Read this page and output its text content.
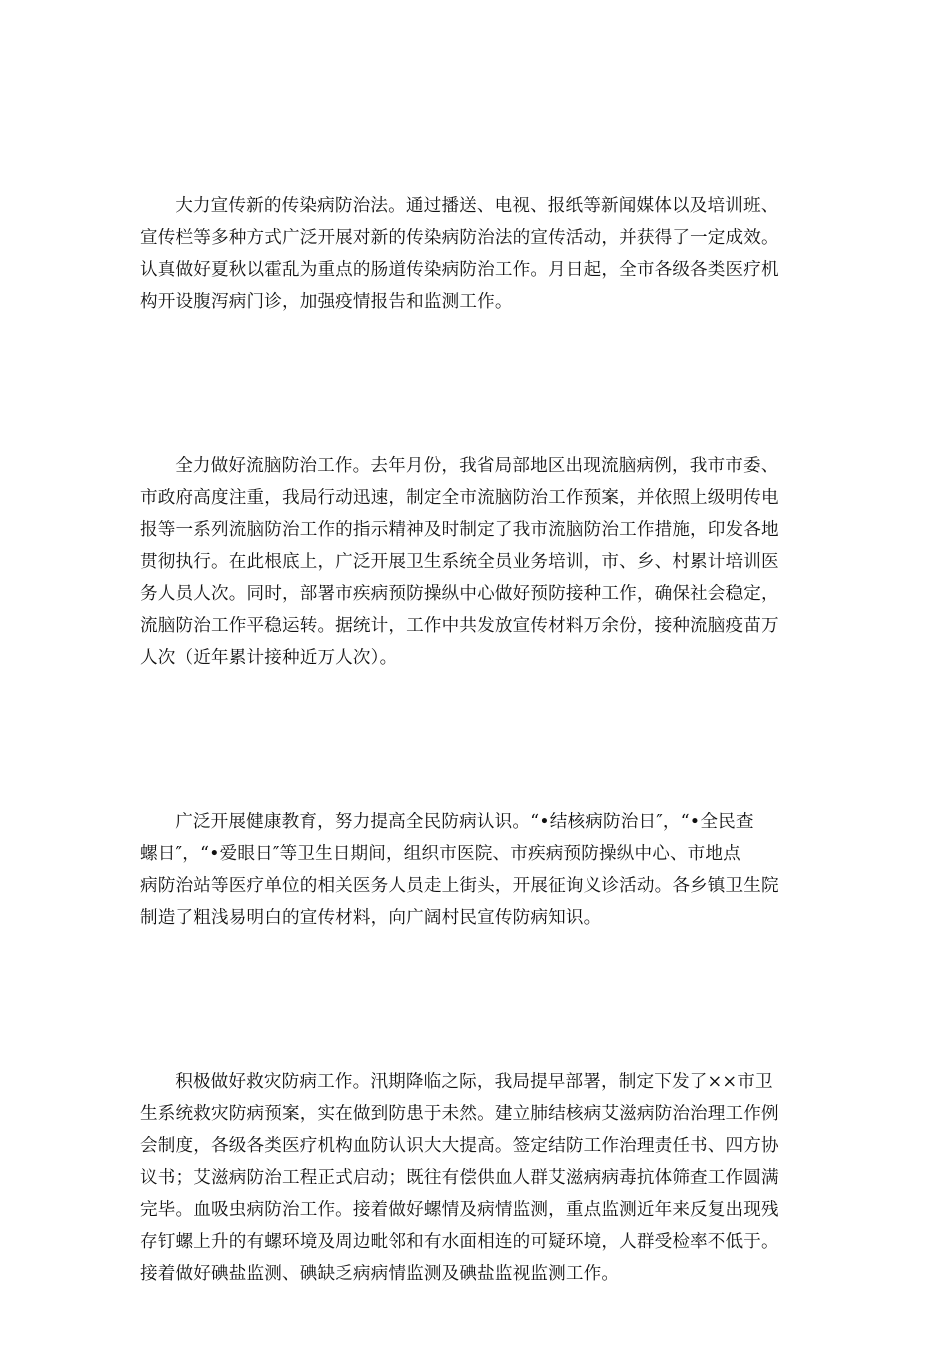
大力宣传新的传染病防治法。通过播送、电视、报纸等新闻媒体以及培训班、
宣传栏等多种方式广泛开展对新的传染病防治法的宣传活动，并获得了一定成效。
认真做好夏秋以霍乱为重点的肠道传染病防治工作。月日起，全市各级各类医疗机
构开设腹泻病门诊，加强疫情报告和监测工作。

全力做好流脑防治工作。去年月份，我省局部地区出现流脑病例，我市市委、
市政府高度注重，我局行动迅速，制定全市流脑防治工作预案，并依照上级明传电
报等一系列流脑防治工作的指示精神及时制定了我市流脑防治工作措施，印发各地
贯彻执行。在此根底上，广泛开展卫生系统全员业务培训，市、乡、村累计培训医
务人员人次。同时，部署市疾病预防操纵中心做好预防接种工作，确保社会稳定，
流脑防治工作平稳运转。据统计，工作中共发放宣传材料万余份，接种流脑疫苗万
人次（近年累计接种近万人次）。

广泛开展健康教育，努力提高全民防病认识。“•结核病防治日″，“•全民查
螺日″，“•爱眼日″等卫生日期间，组织市医院、市疾病预防操纵中心、市地点
病防治站等医疗单位的相关医务人员走上街头，开展征询义诊活动。各乡镇卫生院
制造了粗浅易明白的宣传材料，向广阔村民宣传防病知识。

积极做好救灾防病工作。汛期降临之际，我局提早部署，制定下发了××市卫
生系统救灾防病预案，实在做到防患于未然。建立肺结核病艾滋病防治治理工作例
会制度，各级各类医疗机构血防认识大大提高。签定结防工作治理责任书、四方协
议书；艾滋病防治工程正式启动；既往有偿供血人群艾滋病病毒抗体筛查工作圆满
完毕。血吸虫病防治工作。接着做好螺情及病情监测，重点监测近年来反复出现残
存钉螺上升的有螺环境及周边毗邻和有水面相连的可疑环境，人群受检率不低于。
接着做好碘盐监测、碘缺乏病病情监测及碘盐监视监测工作。
